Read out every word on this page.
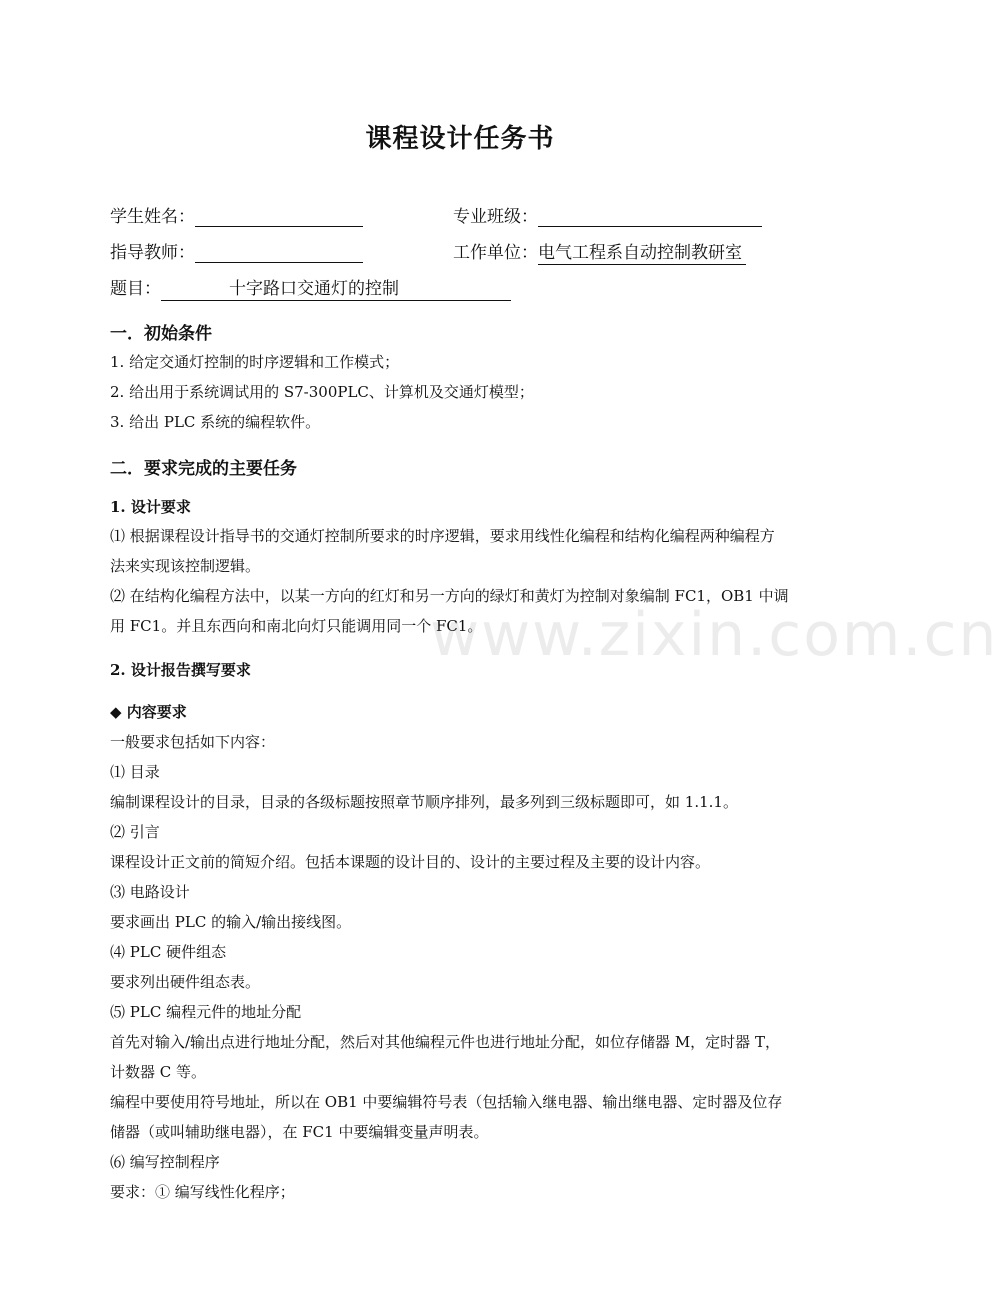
课程设计任务书
学生姓名：	专业班级：
指导教师：	工作单位：电气工程系自动控制教研室
题目：	十字路口交通灯的控制
一．初始条件
1. 给定交通灯控制的时序逻辑和工作模式；
2. 给出用于系统调试用的 S7-300PLC、计算机及交通灯模型；
3. 给出 PLC 系统的编程软件。
二．要求完成的主要任务
1. 设计要求
⑴ 根据课程设计指导书的交通灯控制所要求的时序逻辑，要求用线性化编程和结构化编程两种编程方
法来实现该控制逻辑。
⑵ 在结构化编程方法中，以某一方向的红灯和另一方向的绿灯和黄灯为控制对象编制 FC1，OB1 中调
用 FC1。并且东西向和南北向灯只能调用同一个 FC1。
2. 设计报告撰写要求
◆ 内容要求
一般要求包括如下内容：
⑴ 目录
编制课程设计的目录，目录的各级标题按照章节顺序排列，最多列到三级标题即可，如 1.1.1。
⑵ 引言
课程设计正文前的简短介绍。包括本课题的设计目的、设计的主要过程及主要的设计内容。
⑶ 电路设计
要求画出 PLC 的输入/输出接线图。
⑷ PLC 硬件组态
要求列出硬件组态表。
⑸ PLC 编程元件的地址分配
首先对输入/输出点进行地址分配，然后对其他编程元件也进行地址分配，如位存储器 M，定时器 T，
计数器 C 等。
编程中要使用符号地址，所以在 OB1 中要编辑符号表（包括输入继电器、输出继电器、定时器及位存
储器（或叫辅助继电器），在 FC1 中要编辑变量声明表。
⑹ 编写控制程序
要求：① 编写线性化程序；
www.zixin.com.cn
